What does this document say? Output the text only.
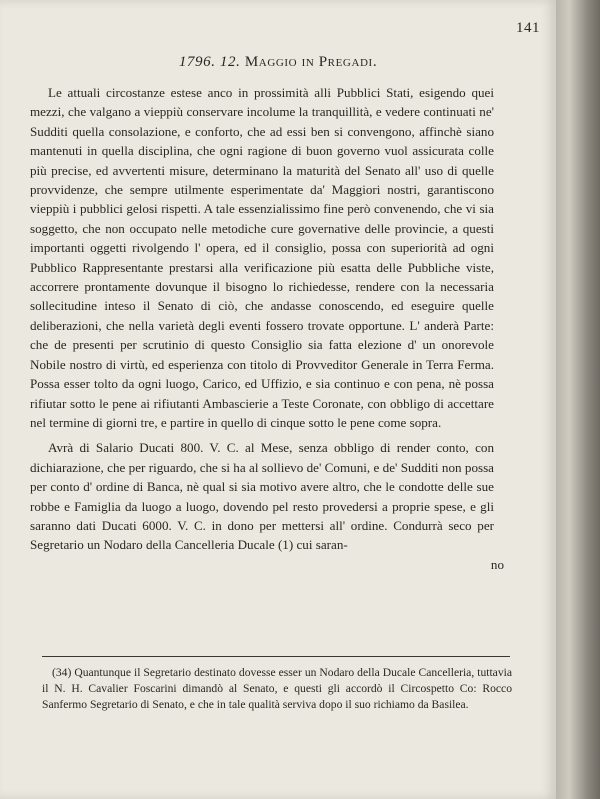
141
1796. 12. Maggio in Pregadi.

Le attuali circostanze estese anco in prossimità alli Pubblici Stati, esigendo quei mezzi, che valgano a vieppiù conservare incolume la tranquillità, e vedere continuati ne' Sudditi quella consolazione, e conforto, che ad essi ben si convengono, affinchè siano mantenuti in quella disciplina, che ogni ragione di buon governo vuol assicurata colle più precise, ed avvertenti misure, determinano la maturità del Senato all' uso di quelle provvidenze, che sempre utilmente esperimentate da' Maggiori nostri, garantiscono vieppiù i pubblici gelosi rispetti. A tale essenzialissimo fine però convenendo, che vi sia soggetto, che non occupato nelle metodiche cure governative delle provincie, a questi importanti oggetti rivolgendo l' opera, ed il consiglio, possa con superiorità ad ogni Pubblico Rappresentante prestarsi alla verificazione più esatta delle Pubbliche viste, accorrere prontamente dovunque il bisogno lo richiedesse, rendere con la necessaria sollecitudine inteso il Senato di ciò, che andasse conoscendo, ed eseguire quelle deliberazioni, che nella varietà degli eventi fossero trovate opportune. L' anderà Parte: che de presenti per scrutinio di questo Consiglio sia fatta elezione d' un onorevole Nobile nostro di virtù, ed esperienza con titolo di Provveditor Generale in Terra Ferma. Possa esser tolto da ogni luogo, Carico, ed Uffizio, e sia continuo e con pena, nè possa rifiutar sotto le pene ai rifiutanti Ambascierie a Teste Coronate, con obbligo di accettare nel termine di giorni tre, e partire in quello di cinque sotto le pene come sopra.

Avrà di Salario Ducati 800. V. C. al Mese, senza obbligo di render conto, con dichiarazione, che per riguardo, che si ha al sollievo de' Comuni, e de' Sudditi non possa per conto d' ordine di Banca, nè qual si sia motivo avere altro, che le condotte delle sue robbe e Famiglia da luogo a luogo, dovendo pel resto provedersi a proprie spese, e gli saranno dati Ducati 6000. V. C. in dono per mettersi all' ordine. Condurrà seco per Segretario un Nodaro della Cancelleria Ducale (1) cui saran-

no

(34) Quantunque il Segretario destinato dovesse esser un Nodaro della Ducale Cancelleria, tuttavia il N. H. Cavalier Foscarini dimandò al Senato, e questi gli accordò il Circospetto Co: Rocco Sanfermo Segretario di Senato, e che in tale qualità serviva dopo il suo richiamo da Basilea.
